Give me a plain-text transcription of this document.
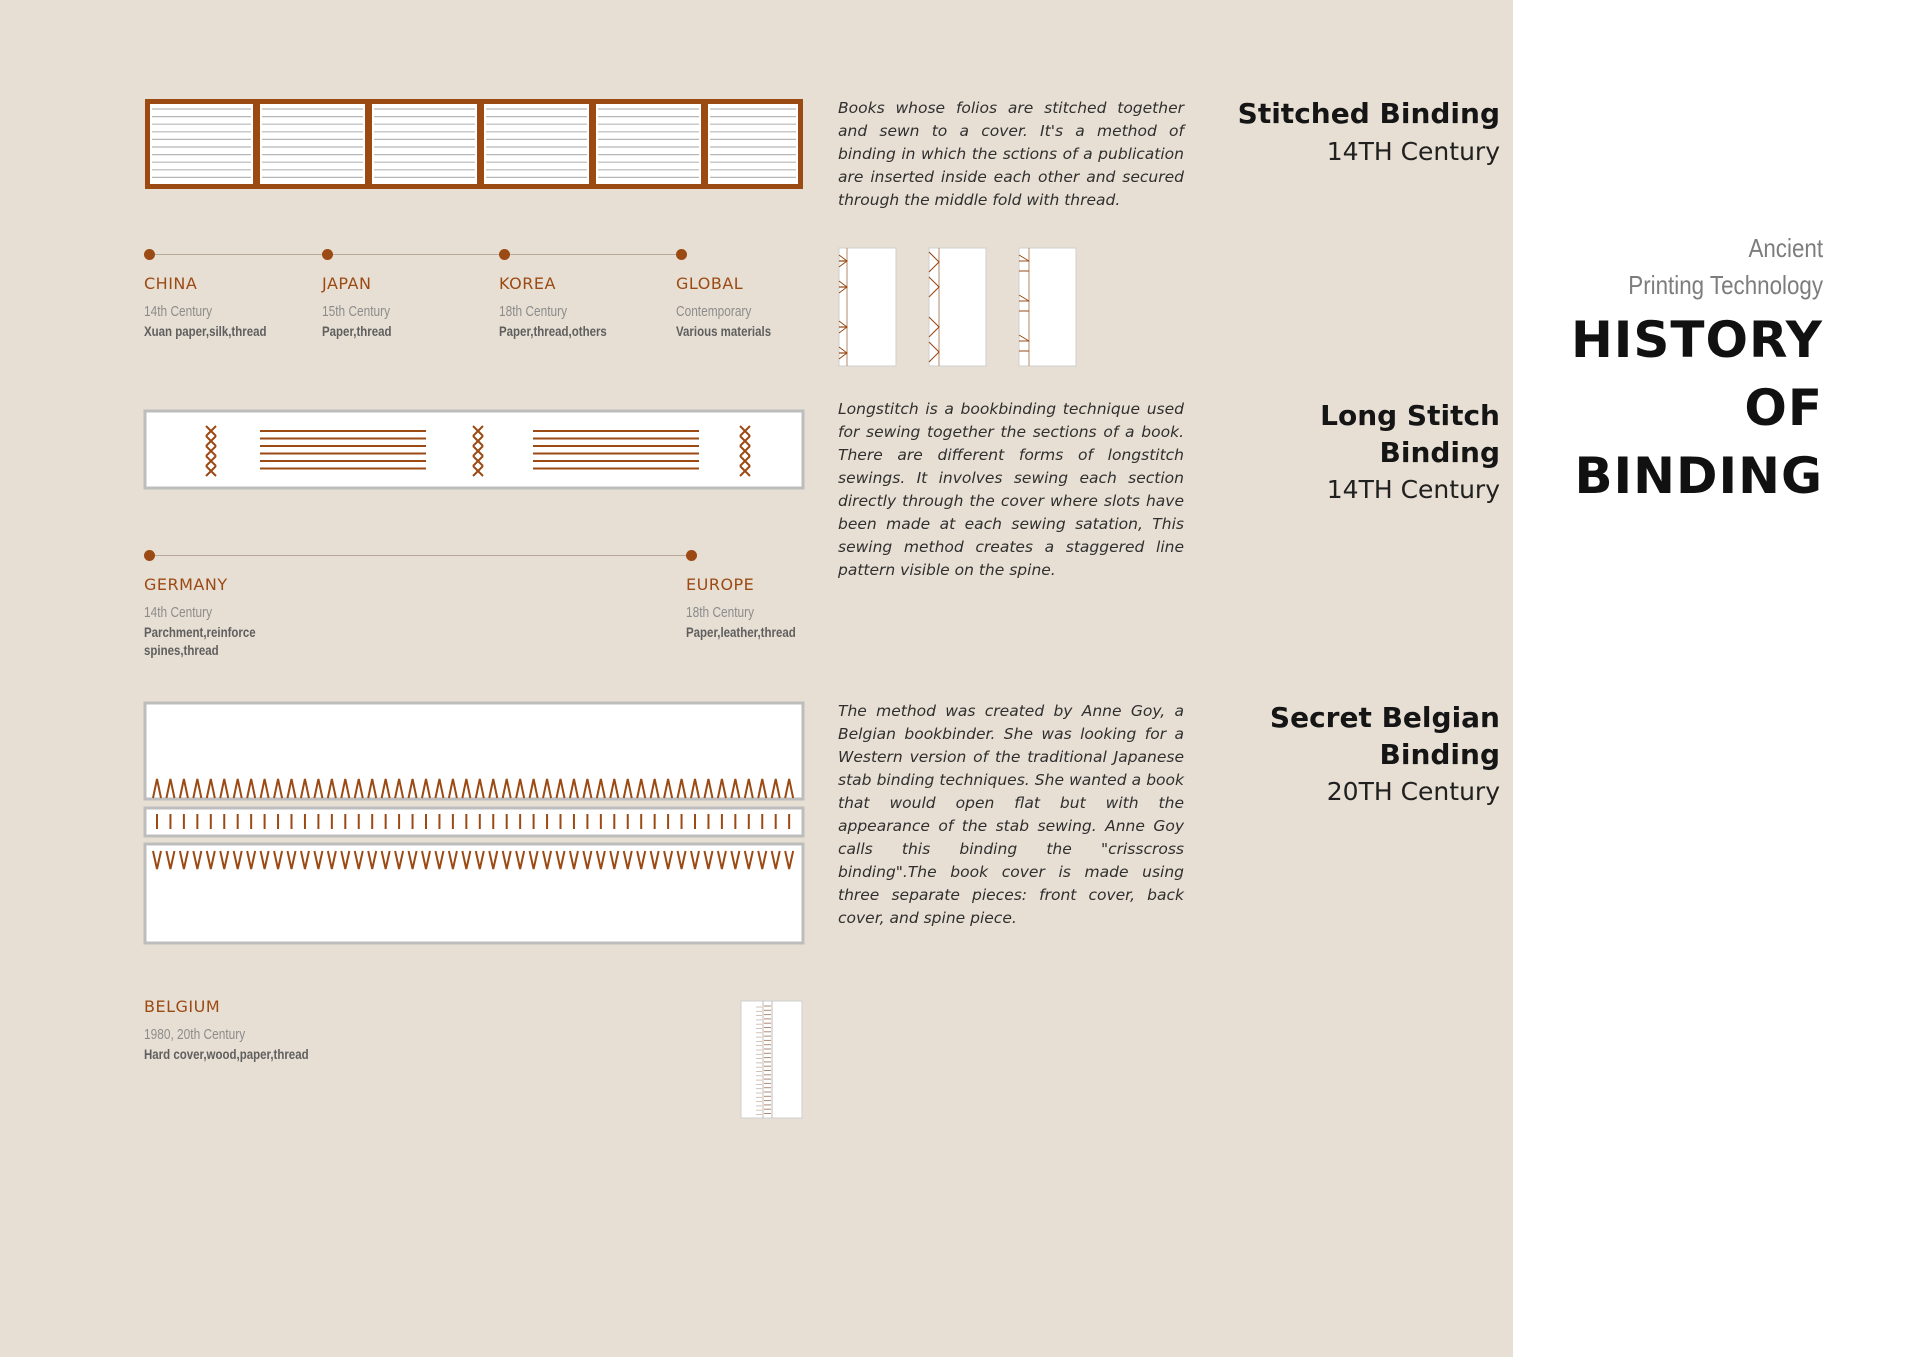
Ancient
Printing Technology
HISTORY
OF
BINDING
Books whose folios are stitched together and sewn to a cover. It's a method of binding in which the sctions of a publication are inserted inside each other and secured through the middle fold with thread.
Stitched Binding
14TH Century
CHINA
14th Century
Xuan paper,silk,thread
JAPAN
15th Century
Paper,thread
KOREA
18th Century
Paper,thread,others
GLOBAL
Contemporary
Various materials
Longstitch is a bookbinding technique used for sewing together the sections of a book. There are different forms of longstitch sewings. It involves sewing each section directly through the cover where slots have been made at each sewing satation, This sewing method creates a staggered line pattern visible on the spine.
Long Stitch
Binding
14TH Century
GERMANY
14th Century
Parchment,reinforce
spines,thread
EUROPE
18th Century
Paper,leather,thread
The method was created by Anne Goy, a Belgian bookbinder. She was looking for a Western version of the traditional Japanese stab binding techniques. She wanted a book that would open flat but with the appearance of the stab sewing. Anne Goy calls this binding the "crisscross binding".The book cover is made using three separate pieces: front cover, back cover, and spine piece.
Secret Belgian
Binding
20TH Century
BELGIUM
1980, 20th Century
Hard cover,wood,paper,thread
